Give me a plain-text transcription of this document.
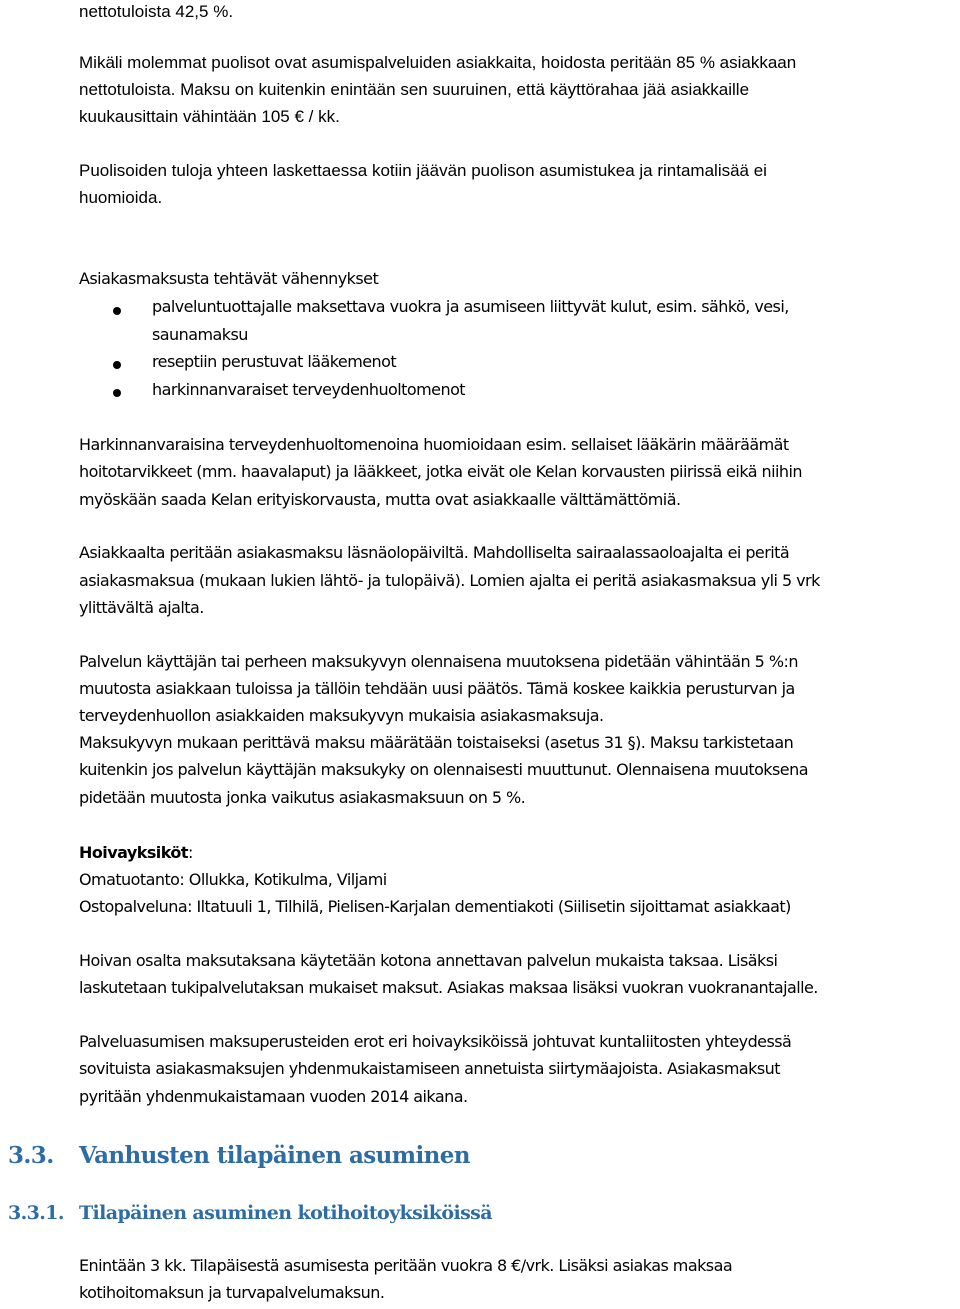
nettotuloista 42,5 %.
Mikäli molemmat puolisot ovat asumispalveluiden asiakkaita, hoidosta peritään 85 % asiakkaan
nettotuloista. Maksu on kuitenkin enintään sen suuruinen, että käyttörahaa jää asiakkaille
kuukausittain vähintään 105 € / kk.
Puolisoiden tuloja yhteen laskettaessa kotiin jäävän puolison asumistukea ja rintamalisää ei
huomioida.
Asiakasmaksusta tehtävät vähennykset
palveluntuottajalle maksettava vuokra ja asumiseen liittyvät kulut, esim. sähkö, vesi,
saunamaksu
reseptiin perustuvat lääkemenot
harkinnanvaraiset terveydenhuoltomenot
Harkinnanvaraisina terveydenhuoltomenoina huomioidaan esim. sellaiset lääkärin määräämät
hoitotarvikkeet (mm. haavalaput) ja lääkkeet, jotka eivät ole Kelan korvausten piirissä eikä niihin
myöskään saada Kelan erityiskorvausta, mutta ovat asiakkaalle välttämättömiä.
Asiakkaalta peritään asiakasmaksu läsnäolopäiviltä. Mahdolliselta sairaalassaoloajalta ei peritä
asiakasmaksua (mukaan lukien lähtö- ja tulopäivä). Lomien ajalta ei peritä asiakasmaksua yli 5 vrk
ylittävältä ajalta.
Palvelun käyttäjän tai perheen maksukyvyn olennaisena muutoksena pidetään vähintään 5 %:n
muutosta asiakkaan tuloissa ja tällöin tehdään uusi päätös. Tämä koskee kaikkia perusturvan ja
terveydenhuollon asiakkaiden maksukyvyn mukaisia asiakasmaksuja.
Maksukyvyn mukaan perittävä maksu määrätään toistaiseksi (asetus 31 §). Maksu tarkistetaan
kuitenkin jos palvelun käyttäjän maksukyky on olennaisesti muuttunut. Olennaisena muutoksena
pidetään muutosta jonka vaikutus asiakasmaksuun on 5 %.
Hoivayksiköt:
Omatuotanto: Ollukka, Kotikulma, Viljami
Ostopalveluna: Iltatuuli 1, Tilhilä, Pielisen-Karjalan dementiakoti (Siilisetin sijoittamat asiakkaat)
Hoivan osalta maksutaksana käytetään kotona annettavan palvelun mukaista taksaa. Lisäksi
laskutetaan tukipalvelutaksan mukaiset maksut. Asiakas maksaa lisäksi vuokran vuokranantajalle.
Palveluasumisen maksuperusteiden erot eri hoivayksiköissä johtuvat kuntaliitosten yhteydessä
sovituista asiakasmaksujen yhdenmukaistamiseen annetuista siirtymäajoista. Asiakasmaksut
pyritään yhdenmukaistamaan vuoden 2014 aikana.
3.3. Vanhusten tilapäinen asuminen
3.3.1. Tilapäinen asuminen kotihoitoyksiköissä
Enintään 3 kk. Tilapäisestä asumisesta peritään vuokra 8 €/vrk. Lisäksi asiakas maksaa
kotihoitomaksun ja turvapalvelumaksun.
